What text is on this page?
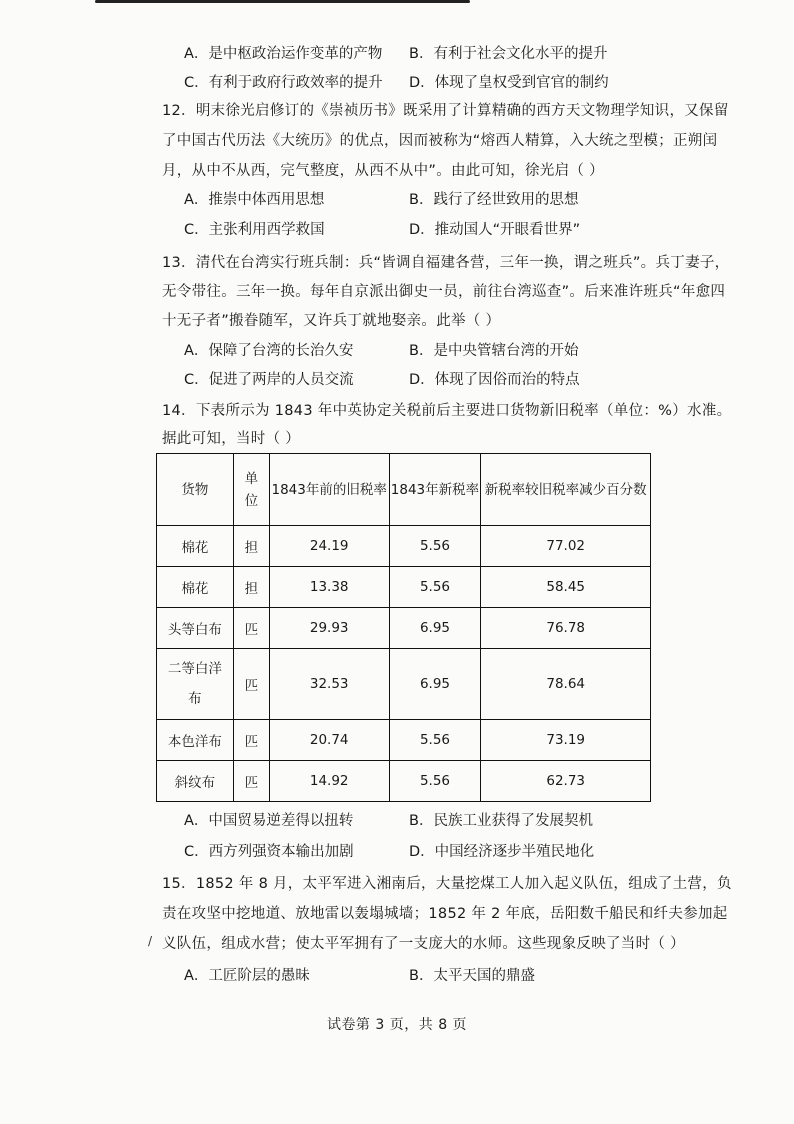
A．是中枢政治运作变革的产物 B．有利于社会文化水平的提升
C．有利于政府行政效率的提升 D．体现了皇权受到官官的制约
12．明末徐光启修订的《崇祯历书》既采用了计算精确的西方天文物理学知识，又保留
了中国古代历法《大统历》的优点，因而被称为“熔西人精算，入大统之型模；正朔闰
月，从中不从西，完气整度，从西不从中”。由此可知，徐光启（ ）
A．推崇中体西用思想	B．践行了经世致用的思想
C．主张利用西学救国	D．推动国人“开眼看世界”
13．清代在台湾实行班兵制：兵“皆调自福建各营，三年一换，谓之班兵”。兵丁妻子，
无令带往。三年一换。每年自京派出御史一员，前往台湾巡查”。后来准许班兵“年愈四
十无子者”搬眷随军，又许兵丁就地娶亲。此举（ ）
A．保障了台湾的长治久安	B．是中央管辖台湾的开始
C．促进了两岸的人员交流	D．体现了因俗而治的特点
14．下表所示为 1843 年中英协定关税前后主要进口货物新旧税率（单位：%）水准。
据此可知，当时（ ）
货物	单位	1843年前的旧税率	1843年新税率	新税率较旧税率减少百分数
棉花	担	24.19	5.56	77.02
棉花	担	13.38	5.56	58.45
头等白布	匹	29.93	6.95	76.78
二等白洋布	匹	32.53	6.95	78.64
本色洋布	匹	20.74	5.56	73.19
斜纹布	匹	14.92	5.56	62.73
A．中国贸易逆差得以扭转	B．民族工业获得了发展契机
C．西方列强资本输出加剧	D．中国经济逐步半殖民地化
15．1852 年 8 月，太平军进入湘南后，大量挖煤工人加入起义队伍，组成了土营，负
责在攻坚中挖地道、放地雷以轰塌城墙；1852 年 2 年底，岳阳数千船民和纤夫参加起
/ 义队伍，组成水营；使太平军拥有了一支庞大的水师。这些现象反映了当时（ ）
A．工匠阶层的愚昧	B．太平天国的鼎盛
试卷第 3 页，共 8 页
